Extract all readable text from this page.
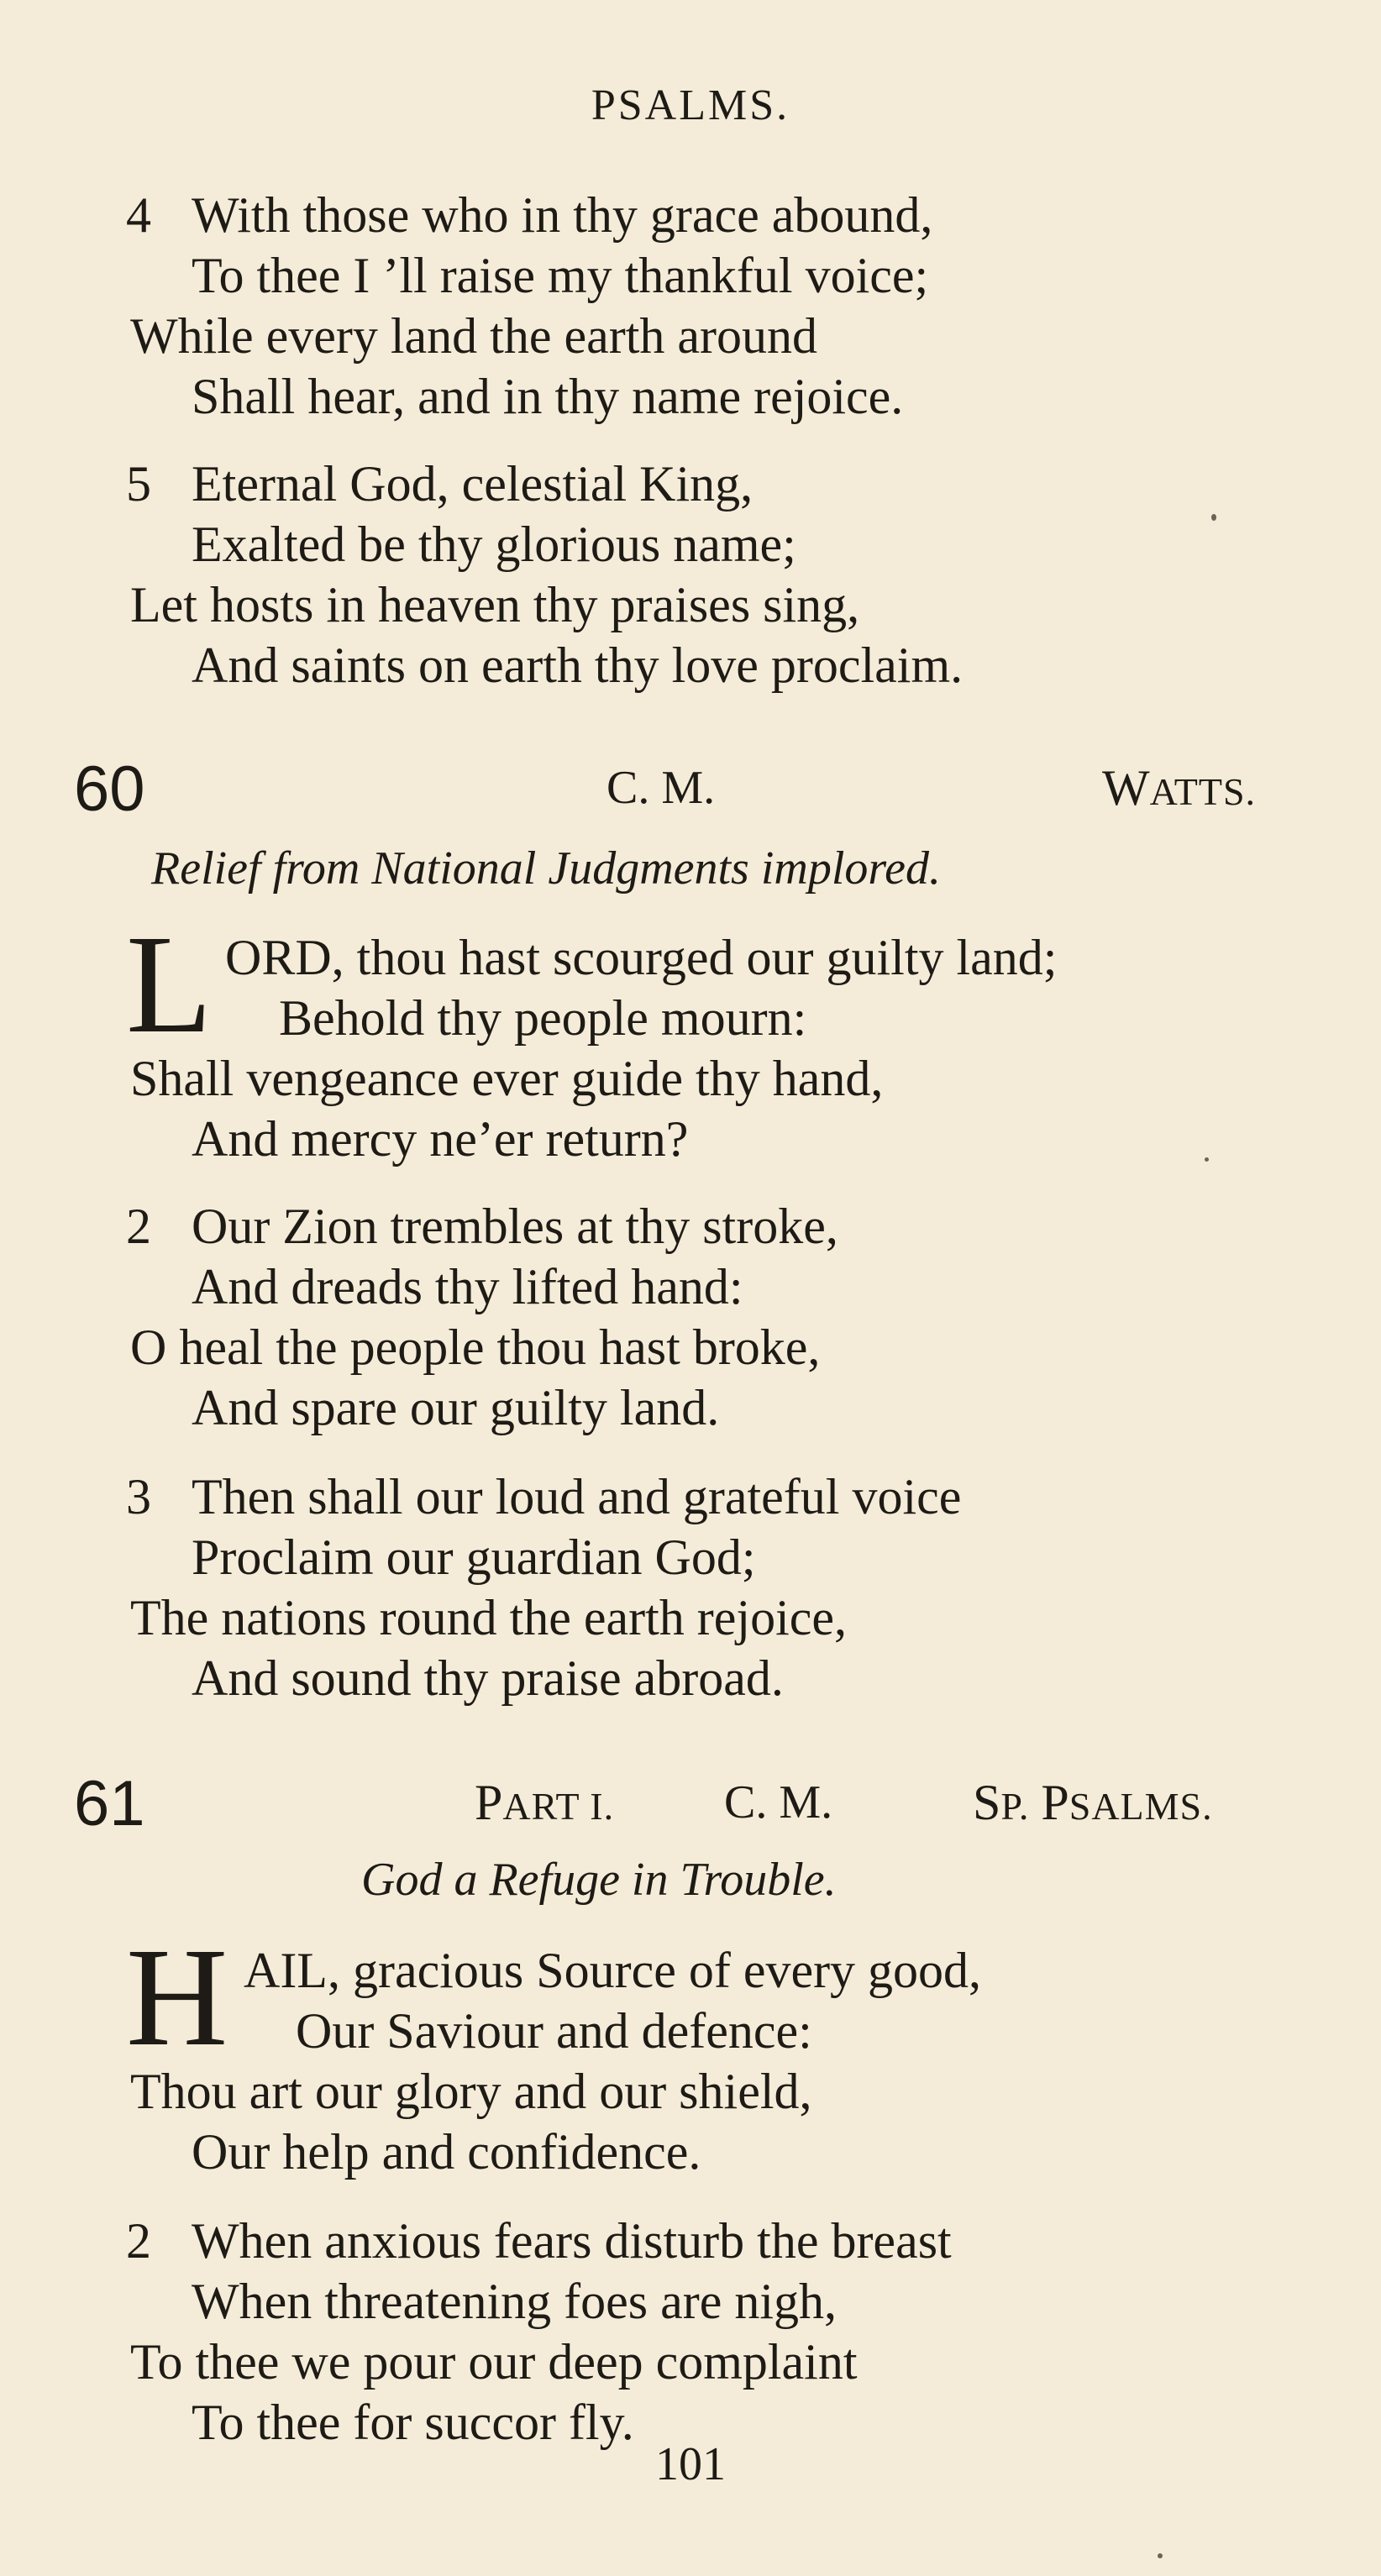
PSALMS.
4 With those who in thy grace abound,
To thee I ’ll raise my thankful voice;
While every land the earth around
Shall hear, and in thy name rejoice.
5 Eternal God, celestial King,
Exalted be thy glorious name;
Let hosts in heaven thy praises sing,
And saints on earth thy love proclaim.
60	C. M.	WATTS.
Relief from National Judgments implored.
L ORD, thou hast scourged our guilty land;
Behold thy people mourn:
Shall vengeance ever guide thy hand,
And mercy ne’er return?
2 Our Zion trembles at thy stroke,
And dreads thy lifted hand:
O heal the people thou hast broke,
And spare our guilty land.
3 Then shall our loud and grateful voice
Proclaim our guardian God;
The nations round the earth rejoice,
And sound thy praise abroad.
61	PART I. C. M.	SP. PSALMS.
God a Refuge in Trouble.
H AIL, gracious Source of every good,
Our Saviour and defence:
Thou art our glory and our shield,
Our help and confidence.
2 When anxious fears disturb the breast
When threatening foes are nigh,
To thee we pour our deep complaint
To thee for succor fly.
101
